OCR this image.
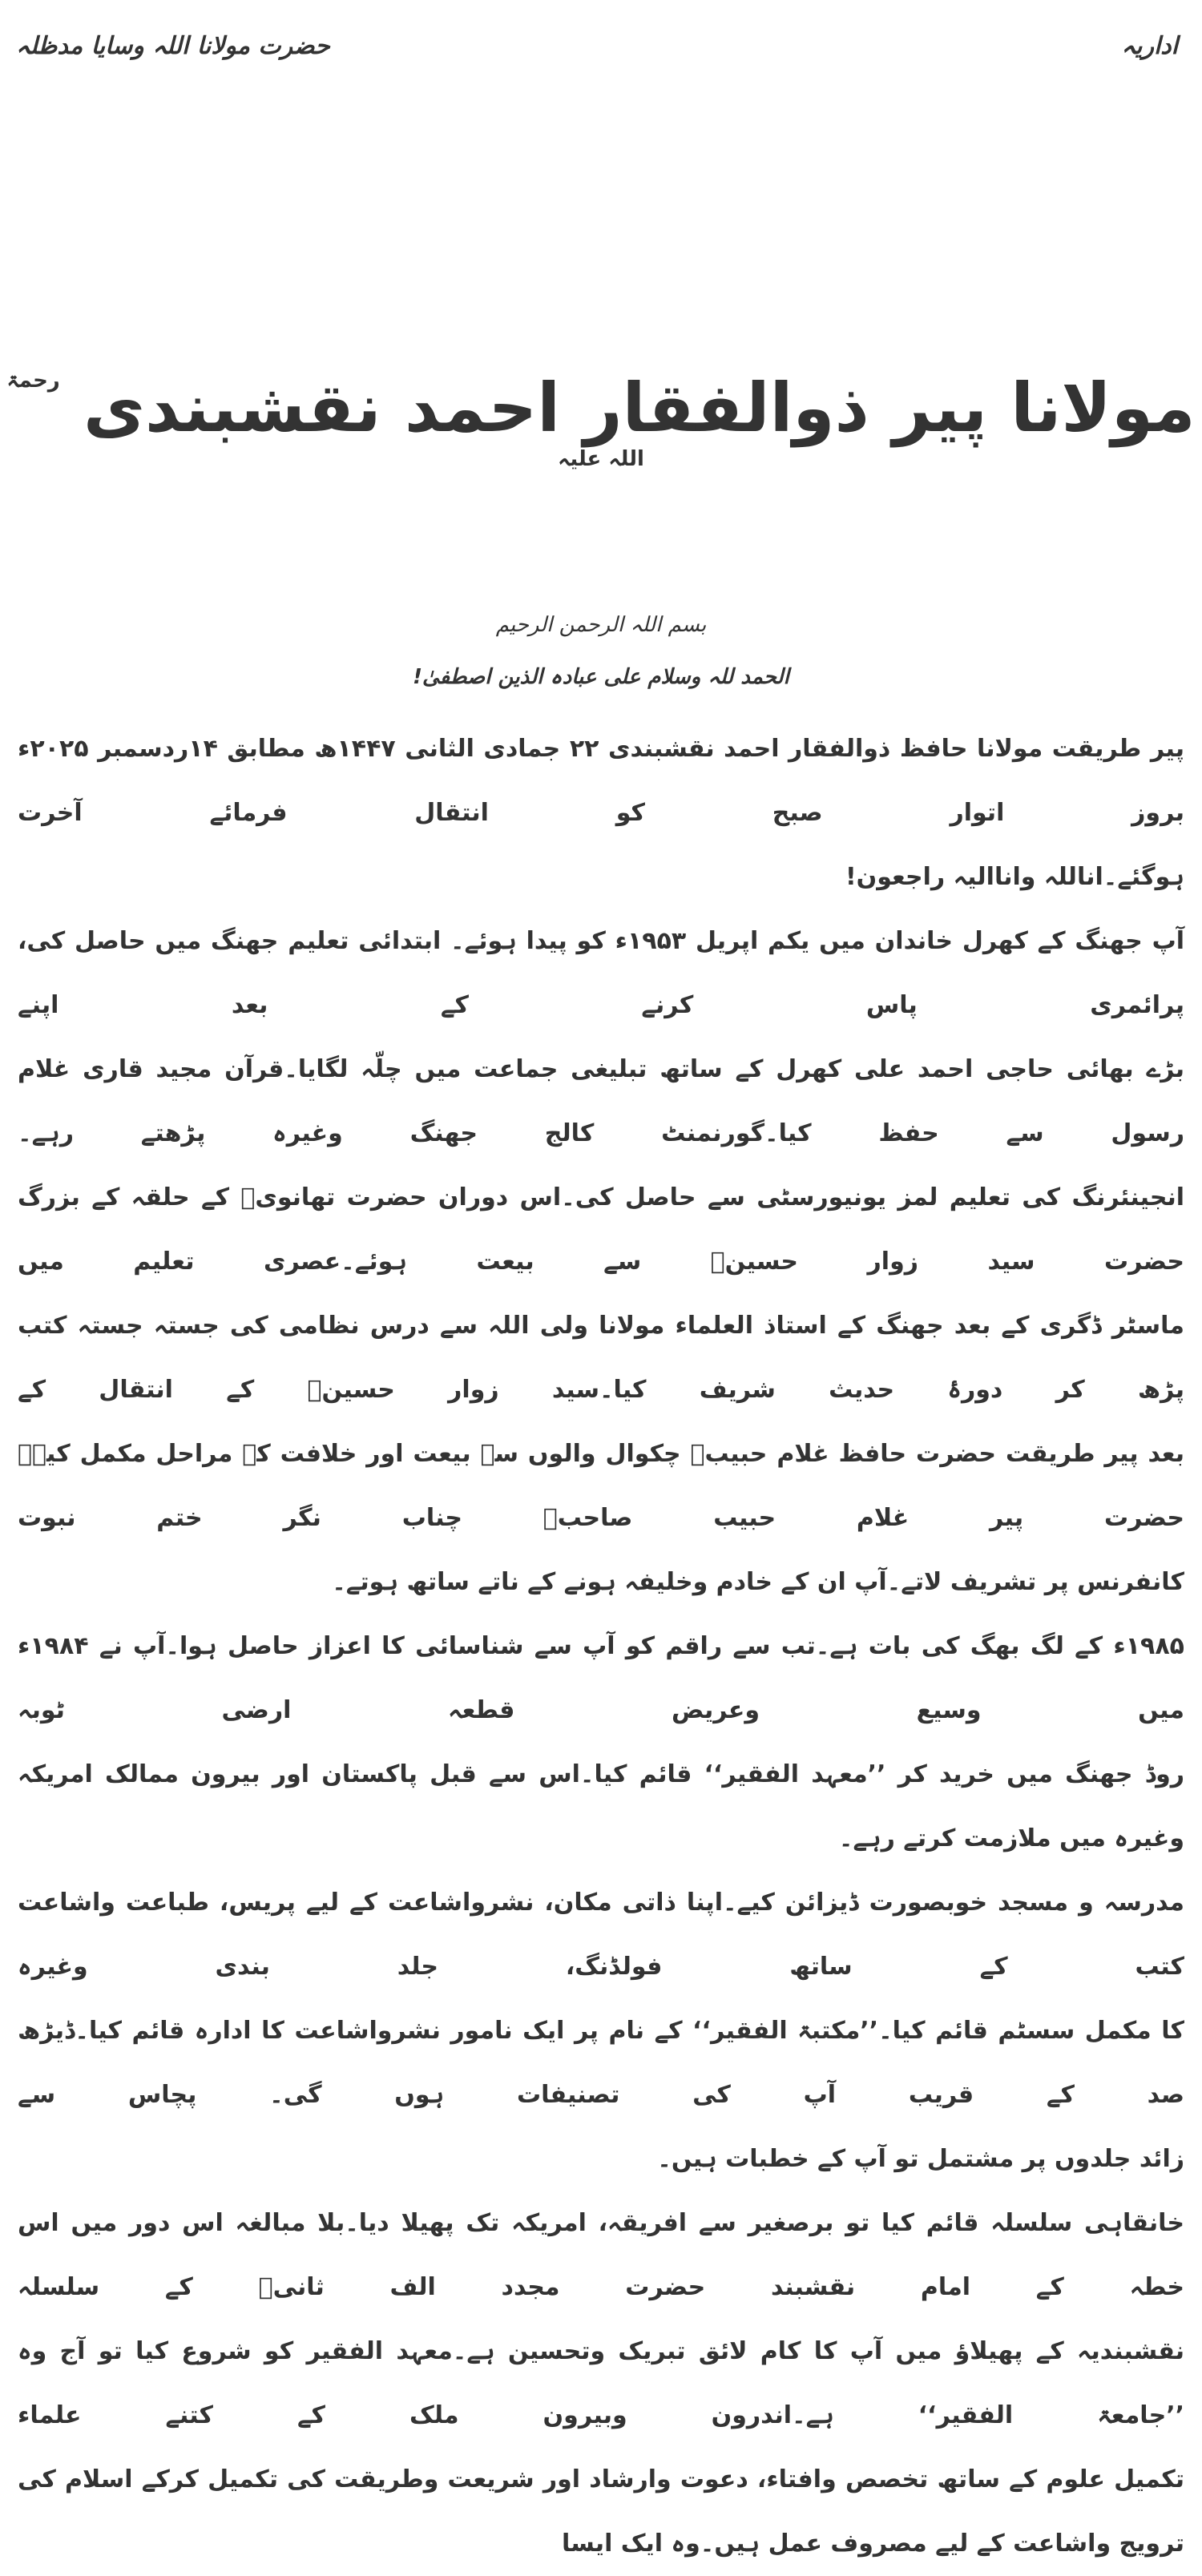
اداریہ
حضرت مولانا اللہ وسایا مدظلہ
مولانا پیر ذوالفقار احمد نقشبندی $^{رحمۃ اللہ علیہ}$
بسم اللہ الرحمن الرحیم
الحمد للہ وسلام علی عبادہ الذین اصطفیٰ!

پیر طریقت مولانا حافظ ذوالفقار احمد نقشبندی ۲۲ جمادی الثانی ۱۴۴۷ھ مطابق ۱۴ردسمبر ۲۰۲۵ء بروز اتوار صبح کو انتقال فرمائے آخرت
ہوگئے۔اناللہ واناالیہ راجعون!

آپ جھنگ کے کھرل خاندان میں یکم اپریل ۱۹۵۳ء کو پیدا ہوئے۔ ابتدائی تعلیم جھنگ میں حاصل کی، پرائمری پاس کرنے کے بعد اپنے
بڑے بھائی حاجی احمد علی کھرل کے ساتھ تبلیغی جماعت میں چلّہ لگایا۔قرآن مجید قاری غلام رسول سے حفظ کیا۔گورنمنٹ کالج جھنگ وغیرہ پڑھتے رہے۔
انجینئرنگ کی تعلیم لمز یونیورسٹی سے حاصل کی۔اس دوران حضرت تھانویؒ کے حلقہ کے بزرگ حضرت سید زوار حسینؒ سے بیعت ہوئے۔عصری تعلیم میں
ماسٹر ڈگری کے بعد جھنگ کے استاذ العلماء مولانا ولی اللہ سے درس نظامی کی جستہ جستہ کتب پڑھ کر دورۂ حدیث شریف کیا۔سید زوار حسینؒ کے انتقال کے
بعد پیر طریقت حضرت حافظ غلام حبیبؒ چکوال والوں سے بیعت اور خلافت کے مراحل مکمل کیے۔حضرت پیر غلام حبیب صاحبؒ چناب نگر ختم نبوت
کانفرنس پر تشریف لاتے۔آپ ان کے خادم وخلیفہ ہونے کے ناتے ساتھ ہوتے۔

۱۹۸۵ء کے لگ بھگ کی بات ہے۔تب سے راقم کو آپ سے شناسائی کا اعزاز حاصل ہوا۔آپ نے ۱۹۸۴ء میں وسیع وعریض قطعہ ارضی ٹوبہ
روڈ جھنگ میں خرید کر ’’معہد الفقیر‘‘ قائم کیا۔اس سے قبل پاکستان اور بیرون ممالک امریکہ وغیرہ میں ملازمت کرتے رہے۔

مدرسہ و مسجد خوبصورت ڈیزائن کیے۔اپنا ذاتی مکان، نشرواشاعت کے لیے پریس، طباعت واشاعت کتب کے ساتھ فولڈنگ، جلد بندی وغیرہ
کا مکمل سسٹم قائم کیا۔’’مکتبۃ الفقیر‘‘ کے نام پر ایک نامور نشرواشاعت کا ادارہ قائم کیا۔ڈیڑھ صد کے قریب آپ کی تصنیفات ہوں گی۔ پچاس سے
زائد جلدوں پر مشتمل تو آپ کے خطبات ہیں۔

خانقاہی سلسلہ قائم کیا تو برصغیر سے افریقہ، امریکہ تک پھیلا دیا۔بلا مبالغہ اس دور میں اس خطہ کے امام نقشبند حضرت مجدد الف ثانیؒ کے سلسلہ
نقشبندیہ کے پھیلاؤ میں آپ کا کام لائق تبریک وتحسین ہے۔معہد الفقیر کو شروع کیا تو آج وہ ’’جامعۃ الفقیر‘‘ ہے۔اندرون وبیرون ملک کے کتنے علماء
تکمیل علوم کے ساتھ تخصص وافتاء، دعوت وارشاد اور شریعت وطریقت کی تکمیل کرکے اسلام کی ترویج واشاعت کے لیے مصروف عمل ہیں۔وہ ایک ایسا
